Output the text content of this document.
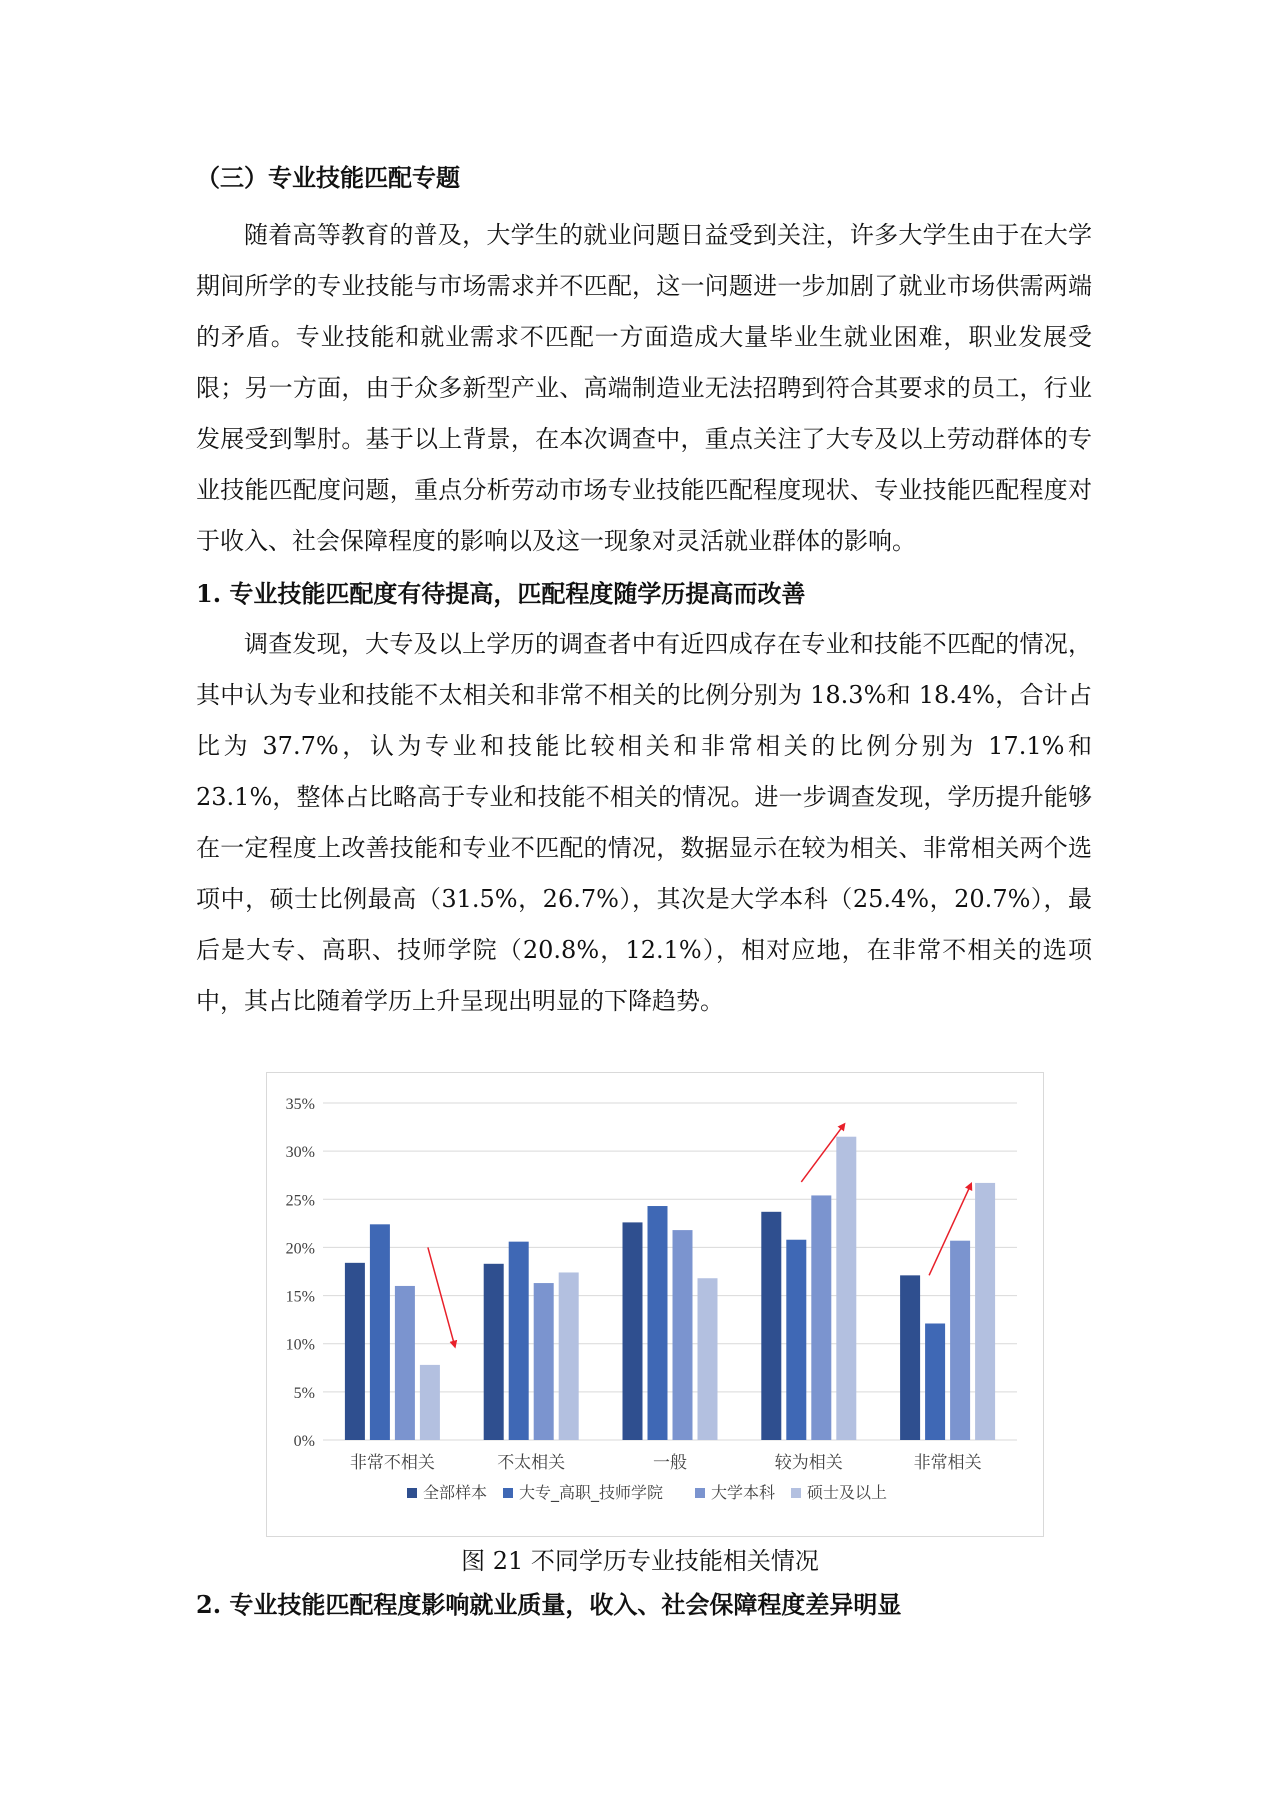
（三）专业技能匹配专题

随着高等教育的普及，大学生的就业问题日益受到关注，许多大学生由于在大学期间所学的专业技能与市场需求并不匹配，这一问题进一步加剧了就业市场供需两端的矛盾。专业技能和就业需求不匹配一方面造成大量毕业生就业困难，职业发展受限；另一方面，由于众多新型产业、高端制造业无法招聘到符合其要求的员工，行业发展受到掣肘。基于以上背景，在本次调查中，重点关注了大专及以上劳动群体的专业技能匹配度问题，重点分析劳动市场专业技能匹配程度现状、专业技能匹配程度对于收入、社会保障程度的影响以及这一现象对灵活就业群体的影响。

1. 专业技能匹配度有待提高，匹配程度随学历提高而改善

调查发现，大专及以上学历的调查者中有近四成存在专业和技能不匹配的情况，其中认为专业和技能不太相关和非常不相关的比例分别为 18.3%和 18.4%，合计占比为 37.7%，认为专业和技能比较相关和非常相关的比例分别为 17.1%和 23.1%，整体占比略高于专业和技能不相关的情况。进一步调查发现，学历提升能够在一定程度上改善技能和专业不匹配的情况，数据显示在较为相关、非常相关两个选项中，硕士比例最高（31.5%，26.7%），其次是大学本科（25.4%，20.7%），最后是大专、高职、技师学院（20.8%，12.1%），相对应地，在非常不相关的选项中，其占比随着学历上升呈现出明显的下降趋势。

0%
5%
10%
15%
20%
25%
30%
35%
非常不相关	不太相关	一般	较为相关	非常相关
全部样本 大专_高职_技师学院	大学本科 硕士及以上
图 21 不同学历专业技能相关情况
2. 专业技能匹配程度影响就业质量，收入、社会保障程度差异明显
